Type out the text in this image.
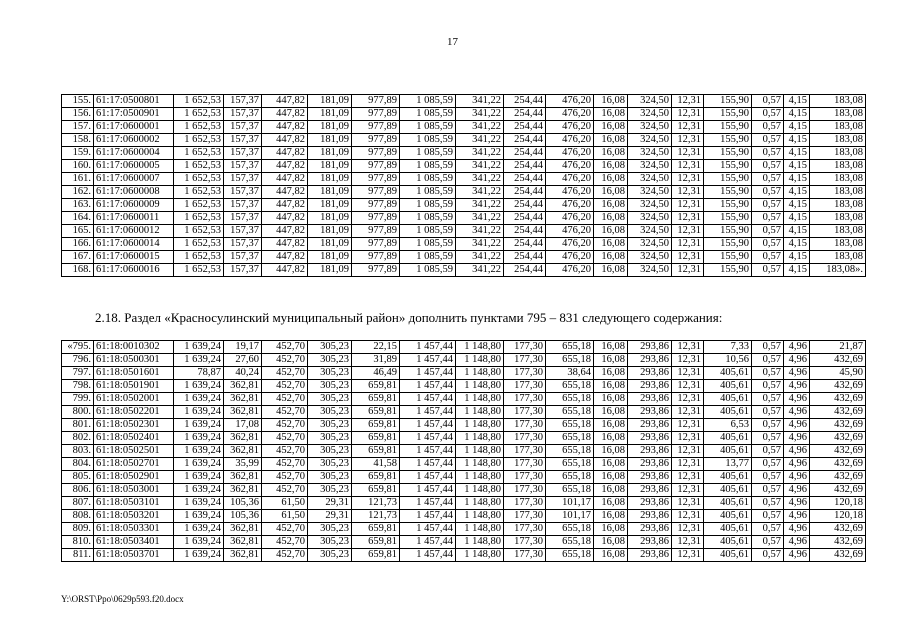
17
155.	61:17:0500801	1 652,53	157,37	447,82	181,09	977,89	1 085,59	341,22	254,44	476,20	16,08	324,50	12,31	155,90	0,57	4,15	183,08
156.	61:17:0500901	1 652,53	157,37	447,82	181,09	977,89	1 085,59	341,22	254,44	476,20	16,08	324,50	12,31	155,90	0,57	4,15	183,08
157.	61:17:0600001	1 652,53	157,37	447,82	181,09	977,89	1 085,59	341,22	254,44	476,20	16,08	324,50	12,31	155,90	0,57	4,15	183,08
158.	61:17:0600002	1 652,53	157,37	447,82	181,09	977,89	1 085,59	341,22	254,44	476,20	16,08	324,50	12,31	155,90	0,57	4,15	183,08
159.	61:17:0600004	1 652,53	157,37	447,82	181,09	977,89	1 085,59	341,22	254,44	476,20	16,08	324,50	12,31	155,90	0,57	4,15	183,08
160.	61:17:0600005	1 652,53	157,37	447,82	181,09	977,89	1 085,59	341,22	254,44	476,20	16,08	324,50	12,31	155,90	0,57	4,15	183,08
161.	61:17:0600007	1 652,53	157,37	447,82	181,09	977,89	1 085,59	341,22	254,44	476,20	16,08	324,50	12,31	155,90	0,57	4,15	183,08
162.	61:17:0600008	1 652,53	157,37	447,82	181,09	977,89	1 085,59	341,22	254,44	476,20	16,08	324,50	12,31	155,90	0,57	4,15	183,08
163.	61:17:0600009	1 652,53	157,37	447,82	181,09	977,89	1 085,59	341,22	254,44	476,20	16,08	324,50	12,31	155,90	0,57	4,15	183,08
164.	61:17:0600011	1 652,53	157,37	447,82	181,09	977,89	1 085,59	341,22	254,44	476,20	16,08	324,50	12,31	155,90	0,57	4,15	183,08
165.	61:17:0600012	1 652,53	157,37	447,82	181,09	977,89	1 085,59	341,22	254,44	476,20	16,08	324,50	12,31	155,90	0,57	4,15	183,08
166.	61:17:0600014	1 652,53	157,37	447,82	181,09	977,89	1 085,59	341,22	254,44	476,20	16,08	324,50	12,31	155,90	0,57	4,15	183,08
167.	61:17:0600015	1 652,53	157,37	447,82	181,09	977,89	1 085,59	341,22	254,44	476,20	16,08	324,50	12,31	155,90	0,57	4,15	183,08
168.	61:17:0600016	1 652,53	157,37	447,82	181,09	977,89	1 085,59	341,22	254,44	476,20	16,08	324,50	12,31	155,90	0,57	4,15	183,08».
2.18. Раздел «Красносулинский муниципальный район» дополнить пунктами 795 – 831 следующего содержания:
«795.	61:18:0010302	1 639,24	19,17	452,70	305,23	22,15	1 457,44	1 148,80	177,30	655,18	16,08	293,86	12,31	7,33	0,57	4,96	21,87
796.	61:18:0500301	1 639,24	27,60	452,70	305,23	31,89	1 457,44	1 148,80	177,30	655,18	16,08	293,86	12,31	10,56	0,57	4,96	432,69
797.	61:18:0501601	78,87	40,24	452,70	305,23	46,49	1 457,44	1 148,80	177,30	38,64	16,08	293,86	12,31	405,61	0,57	4,96	45,90
798.	61:18:0501901	1 639,24	362,81	452,70	305,23	659,81	1 457,44	1 148,80	177,30	655,18	16,08	293,86	12,31	405,61	0,57	4,96	432,69
799.	61:18:0502001	1 639,24	362,81	452,70	305,23	659,81	1 457,44	1 148,80	177,30	655,18	16,08	293,86	12,31	405,61	0,57	4,96	432,69
800.	61:18:0502201	1 639,24	362,81	452,70	305,23	659,81	1 457,44	1 148,80	177,30	655,18	16,08	293,86	12,31	405,61	0,57	4,96	432,69
801.	61:18:0502301	1 639,24	17,08	452,70	305,23	659,81	1 457,44	1 148,80	177,30	655,18	16,08	293,86	12,31	6,53	0,57	4,96	432,69
802.	61:18:0502401	1 639,24	362,81	452,70	305,23	659,81	1 457,44	1 148,80	177,30	655,18	16,08	293,86	12,31	405,61	0,57	4,96	432,69
803.	61:18:0502501	1 639,24	362,81	452,70	305,23	659,81	1 457,44	1 148,80	177,30	655,18	16,08	293,86	12,31	405,61	0,57	4,96	432,69
804.	61:18:0502701	1 639,24	35,99	452,70	305,23	41,58	1 457,44	1 148,80	177,30	655,18	16,08	293,86	12,31	13,77	0,57	4,96	432,69
805.	61:18:0502901	1 639,24	362,81	452,70	305,23	659,81	1 457,44	1 148,80	177,30	655,18	16,08	293,86	12,31	405,61	0,57	4,96	432,69
806.	61:18:0503001	1 639,24	362,81	452,70	305,23	659,81	1 457,44	1 148,80	177,30	655,18	16,08	293,86	12,31	405,61	0,57	4,96	432,69
807.	61:18:0503101	1 639,24	105,36	61,50	29,31	121,73	1 457,44	1 148,80	177,30	101,17	16,08	293,86	12,31	405,61	0,57	4,96	120,18
808.	61:18:0503201	1 639,24	105,36	61,50	29,31	121,73	1 457,44	1 148,80	177,30	101,17	16,08	293,86	12,31	405,61	0,57	4,96	120,18
809.	61:18:0503301	1 639,24	362,81	452,70	305,23	659,81	1 457,44	1 148,80	177,30	655,18	16,08	293,86	12,31	405,61	0,57	4,96	432,69
810.	61:18:0503401	1 639,24	362,81	452,70	305,23	659,81	1 457,44	1 148,80	177,30	655,18	16,08	293,86	12,31	405,61	0,57	4,96	432,69
811.	61:18:0503701	1 639,24	362,81	452,70	305,23	659,81	1 457,44	1 148,80	177,30	655,18	16,08	293,86	12,31	405,61	0,57	4,96	432,69
Y:\ORST\Ppo\0629p593.f20.docx
